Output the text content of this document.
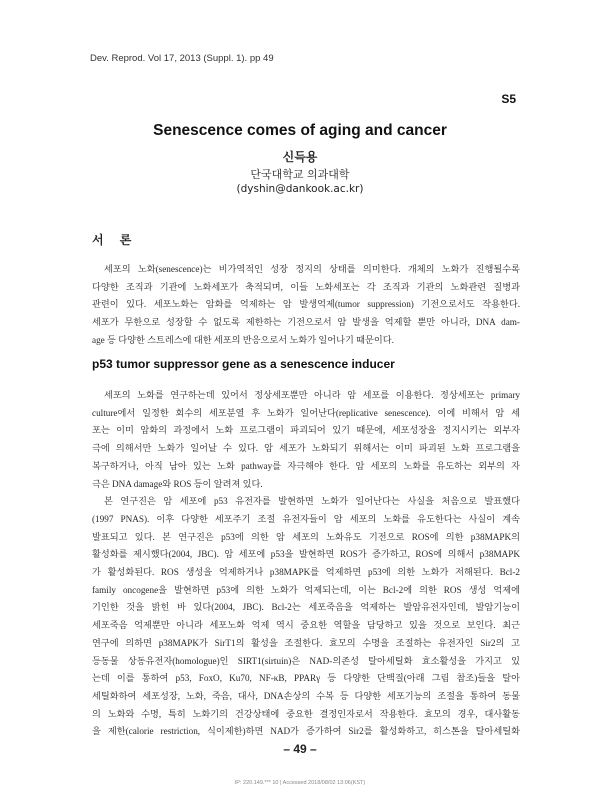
Dev. Reprod. Vol 17, 2013 (Suppl. 1). pp 49
S5
Senescence comes of aging and cancer
신득용
단국대학교 의과대학
(dyshin@dankook.ac.kr)
서 론
세포의 노화(senescence)는 비가역적인 성장 정지의 상태를 의미한다. 개체의 노화가 진행될수록
다양한 조직과 기관에 노화세포가 축적되며, 이들 노화세포는 각 조직과 기관의 노화관련 질병과
관련이 있다. 세포노화는 암화를 억제하는 암 발생억제(tumor suppression) 기전으로서도 작용한다.
세포가 무한으로 성장할 수 없도록 제한하는 기전으로서 암 발생을 억제할 뿐만 아니라, DNA dam-
age 등 다양한 스트레스에 대한 세포의 반응으로서 노화가 일어나기 때문이다.
p53 tumor suppressor gene as a senescence inducer
세포의 노화를 연구하는데 있어서 정상세포뿐만 아니라 암 세포를 이용한다. 정상세포는 primary
culture에서 일정한 회수의 세포분열 후 노화가 일어난다(replicative senescence). 이에 비해서 암 세
포는 이미 암화의 과정에서 노화 프로그램이 파괴되어 있기 때문에, 세포성장을 정지시키는 외부자
극에 의해서만 노화가 일어날 수 있다. 암 세포가 노화되기 위해서는 이미 파괴된 노화 프로그램을
복구하거나, 아직 남아 있는 노화 pathway를 자극해야 한다. 암 세포의 노화를 유도하는 외부의 자
극은 DNA damage와 ROS 등이 알려져 있다.
본 연구진은 암 세포에 p53 유전자를 발현하면 노화가 일어난다는 사실을 처음으로 발표했다
(1997 PNAS). 이후 다양한 세포주기 조절 유전자들이 암 세포의 노화를 유도한다는 사실이 계속
발표되고 있다. 본 연구진은 p53에 의한 암 세포의 노화유도 기전으로 ROS에 의한 p38MAPK의
활성화를 제시했다(2004, JBC). 암 세포에 p53을 발현하면 ROS가 증가하고, ROS에 의해서 p38MAPK
가 활성화된다. ROS 생성을 억제하거나 p38MAPK를 억제하면 p53에 의한 노화가 저해된다. Bcl-2
family oncogene을 발현하면 p53에 의한 노화가 억제되는데, 이는 Bcl-2에 의한 ROS 생성 억제에
기인한 것을 밝힌 바 있다(2004, JBC). Bcl-2는 세포죽음을 억제하는 발암유전자인데, 발암기능이
세포죽음 억제뿐만 아니라 세포노화 억제 역시 중요한 역할을 담당하고 있을 것으로 보인다. 최근
연구에 의하면 p38MAPK가 SirT1의 활성을 조절한다. 효모의 수명을 조절하는 유전자인 Sir2의 고
등동물 상동유전자(homologue)인 SIRT1(sirtuin)은 NAD-의존성 탈아세틸화 효소활성을 가지고 있
는데 이를 통하여 p53, FoxO, Ku70, NF-κB, PPARγ 등 다양한 단백질(아래 그림 참조)들을 탈아
세틸화하여 세포성장, 노화, 죽음, 대사, DNA손상의 수복 등 다양한 세포기능의 조절을 통하여 동물
의 노화와 수명, 특히 노화기의 건강상태에 중요한 결정인자로서 작용한다. 효모의 경우, 대사활동
을 제한(calorie restriction, 식이제한)하면 NAD가 증가하여 Sir2를 활성화하고, 히스톤을 탈아세틸화
– 49 –
IP: 220.149.*** 10 | Accessed 2018/08/02 13:06(KST)
